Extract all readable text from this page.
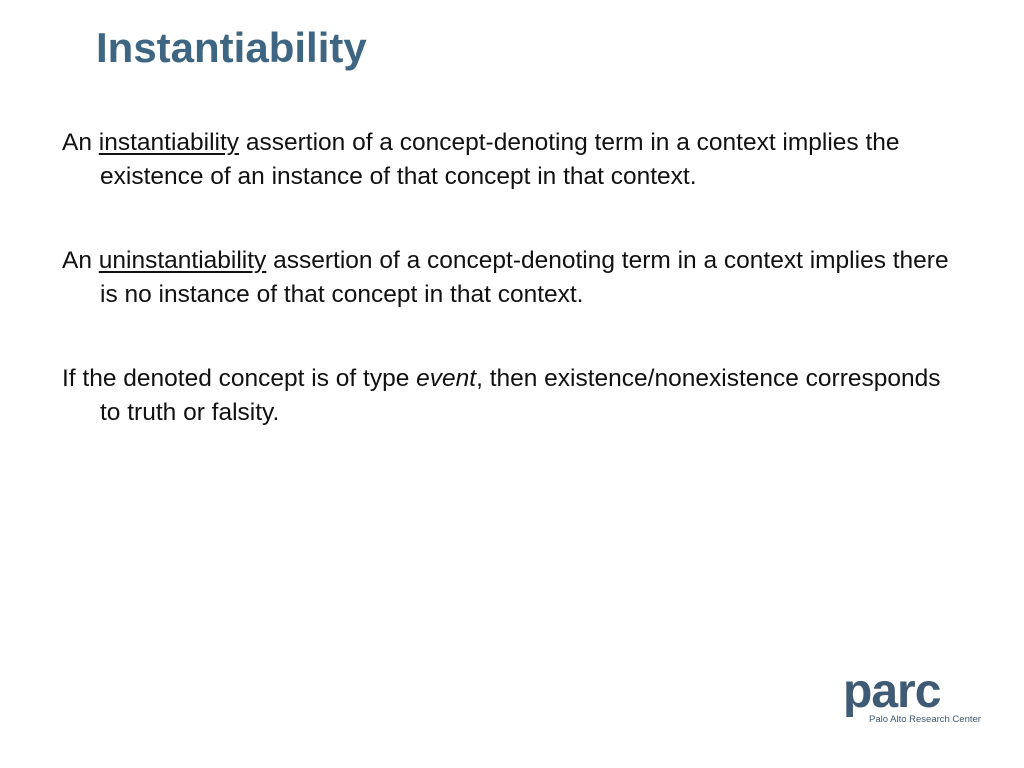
Instantiability

An instantiability assertion of a concept-denoting term in a context implies the existence of an instance of that concept in that context.

An uninstantiability assertion of a concept-denoting term in a context implies there is no instance of that concept in that context.

If the denoted concept is of type event, then existence/nonexistence corresponds to truth or falsity.

parc
Palo Alto Research Center
